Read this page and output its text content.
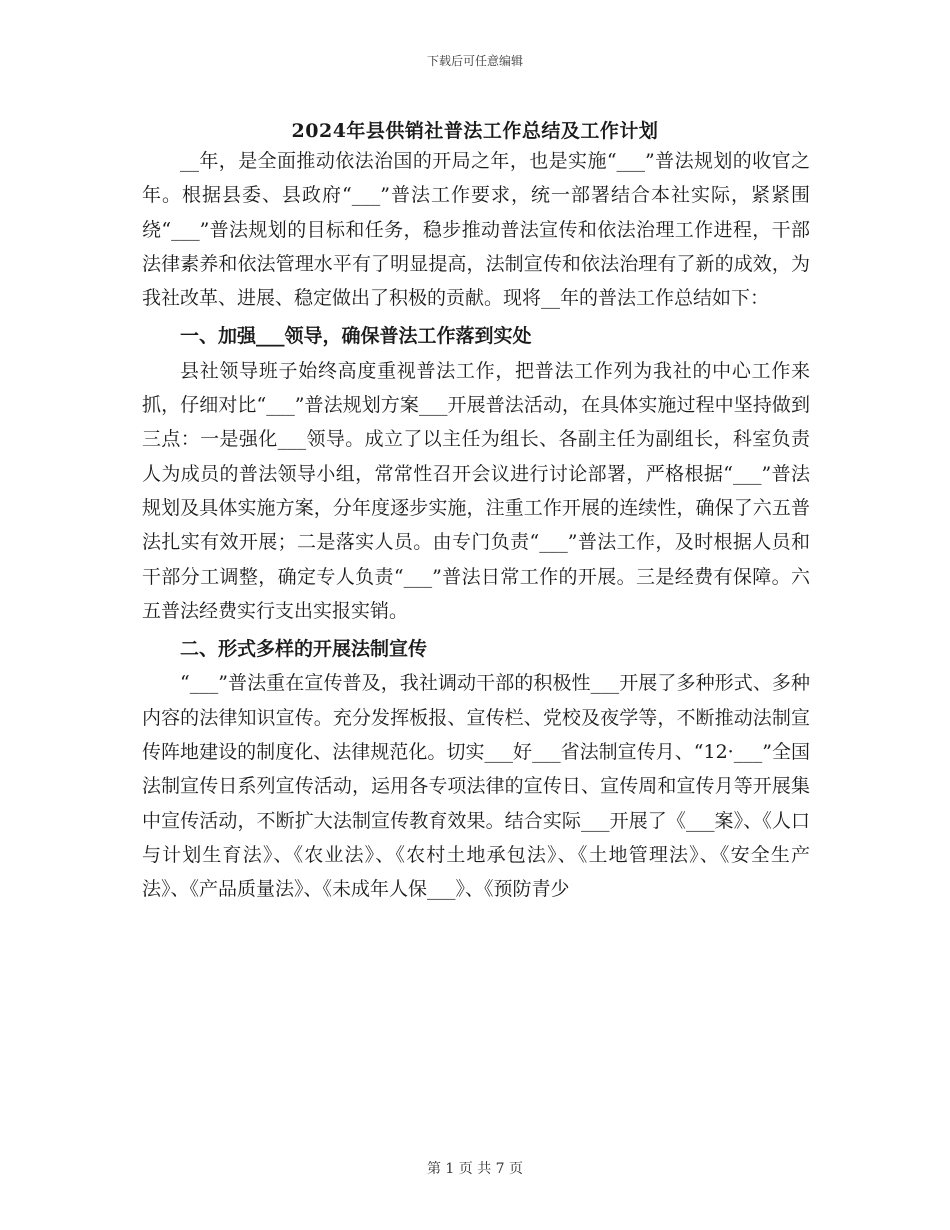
下载后可任意编辑
2024年县供销社普法工作总结及工作计划

__年，是全面推动依法治国的开局之年，也是实施“___”普法规划的收官之年。根据县委、县政府“___”普法工作要求，统一部署结合本社实际，紧紧围绕“___”普法规划的目标和任务，稳步推动普法宣传和依法治理工作进程，干部法律素养和依法管理水平有了明显提高，法制宣传和依法治理有了新的成效，为我社改革、进展、稳定做出了积极的贡献。现将__年的普法工作总结如下：

一、加强___领导，确保普法工作落到实处

县社领导班子始终高度重视普法工作，把普法工作列为我社的中心工作来抓，仔细对比“___”普法规划方案___开展普法活动，在具体实施过程中坚持做到三点：一是强化___领导。成立了以主任为组长、各副主任为副组长，科室负责人为成员的普法领导小组，常常性召开会议进行讨论部署，严格根据“___”普法规划及具体实施方案，分年度逐步实施，注重工作开展的连续性，确保了六五普法扎实有效开展；二是落实人员。由专门负责“___”普法工作，及时根据人员和干部分工调整，确定专人负责“___”普法日常工作的开展。三是经费有保障。六五普法经费实行支出实报实销。

二、形式多样的开展法制宣传

“___”普法重在宣传普及，我社调动干部的积极性___开展了多种形式、多种内容的法律知识宣传。充分发挥板报、宣传栏、党校及夜学等，不断推动法制宣传阵地建设的制度化、法律规范化。切实___好___省法制宣传月、“12·___”全国法制宣传日系列宣传活动，运用各专项法律的宣传日、宣传周和宣传月等开展集中宣传活动，不断扩大法制宣传教育效果。结合实际___开展了《___案》、《人口与计划生育法》、《农业法》、《农村土地承包法》、《土地管理法》、《安全生产法》、《产品质量法》、《未成年人保___》、《预防青少

第 1 页 共 7 页
